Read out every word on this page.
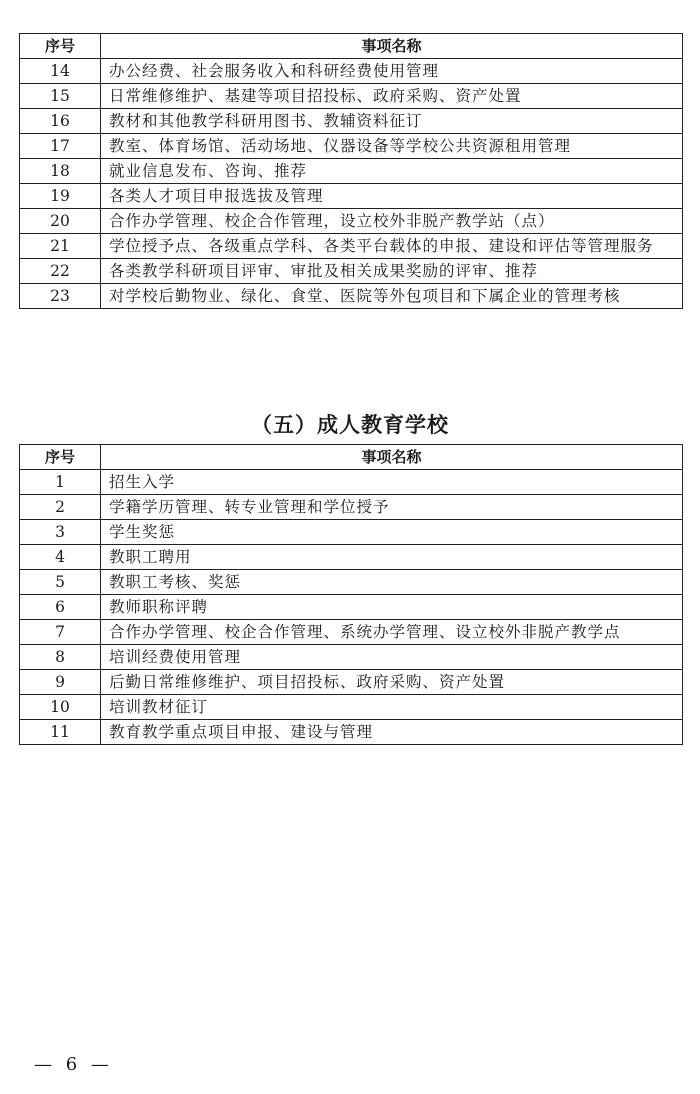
序号	事项名称
14	办公经费、社会服务收入和科研经费使用管理
15	日常维修维护、基建等项目招投标、政府采购、资产处置
16	教材和其他教学科研用图书、教辅资料征订
17	教室、体育场馆、活动场地、仪器设备等学校公共资源租用管理
18	就业信息发布、咨询、推荐
19	各类人才项目申报选拔及管理
20	合作办学管理、校企合作管理，设立校外非脱产教学站（点）
21	学位授予点、各级重点学科、各类平台载体的申报、建设和评估等管理服务
22	各类教学科研项目评审、审批及相关成果奖励的评审、推荐
23	对学校后勤物业、绿化、食堂、医院等外包项目和下属企业的管理考核
（五）成人教育学校
序号	事项名称
1	招生入学
2	学籍学历管理、转专业管理和学位授予
3	学生奖惩
4	教职工聘用
5	教职工考核、奖惩
6	教师职称评聘
7	合作办学管理、校企合作管理、系统办学管理、设立校外非脱产教学点
8	培训经费使用管理
9	后勤日常维修维护、项目招投标、政府采购、资产处置
10	培训教材征订
11	教育教学重点项目申报、建设与管理
— 6 —
